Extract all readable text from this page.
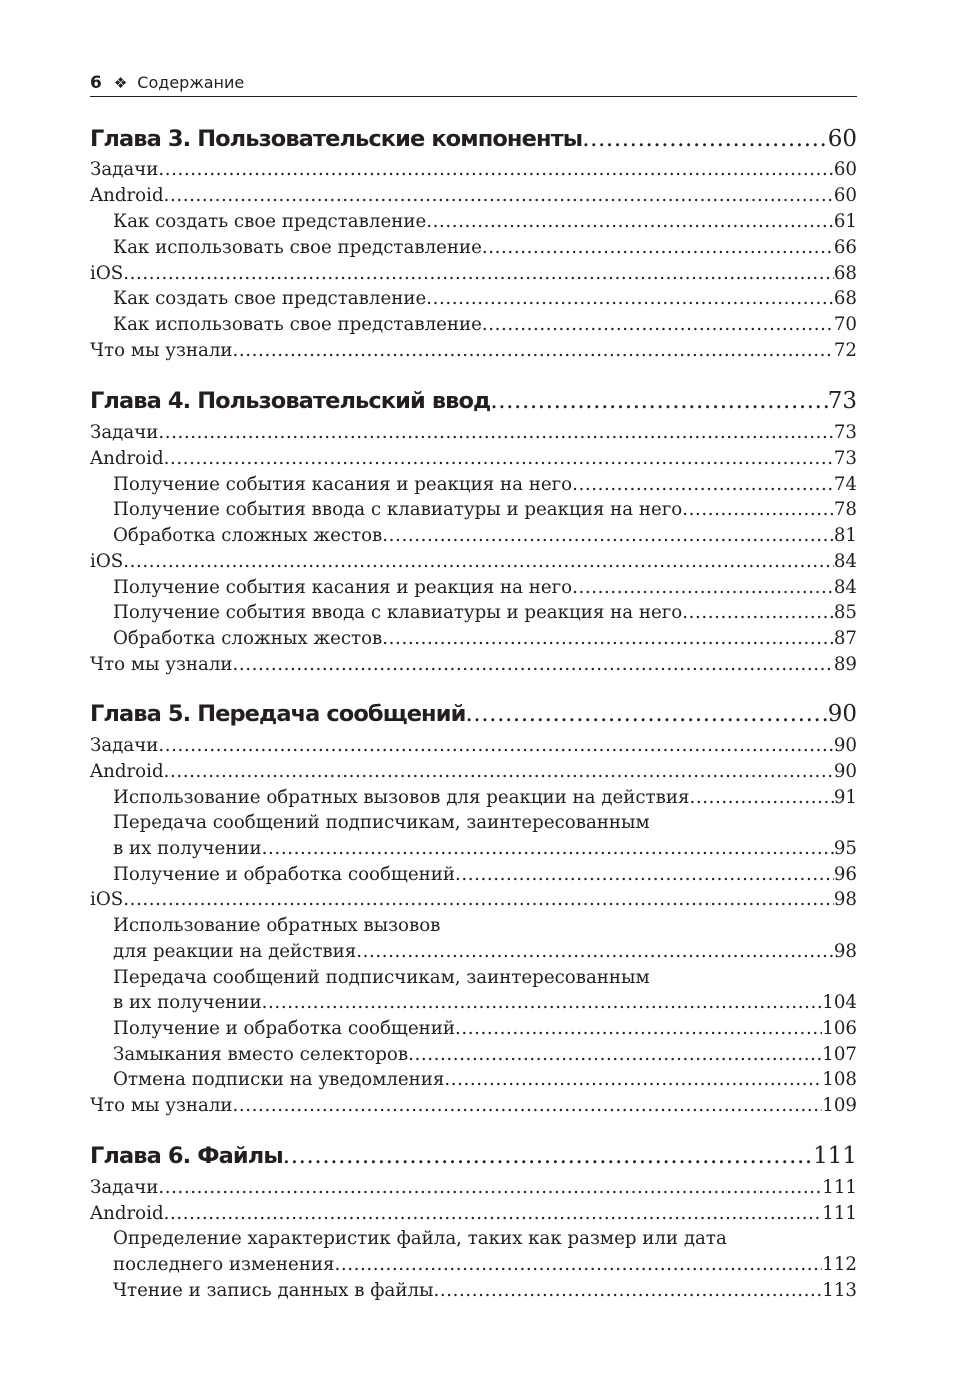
6 ❖ Содержание
Глава 3. Пользовательские компоненты .....	60
Задачи .....	60
Android .....	60
Как создать свое представление .....	61
Как использовать свое представление .....	66
iOS .....	68
Как создать свое представление .....	68
Как использовать свое представление .....	70
Что мы узнали .....	72
Глава 4. Пользовательский ввод .....	73
Задачи .....	73
Android .....	73
Получение события касания и реакция на него .....	74
Получение события ввода с клавиатуры и реакция на него .....	78
Обработка сложных жестов .....	81
iOS .....	84
Получение события касания и реакция на него .....	84
Получение события ввода с клавиатуры и реакция на него .....	85
Обработка сложных жестов .....	87
Что мы узнали .....	89
Глава 5. Передача сообщений .....	90
Задачи .....	90
Android .....	90
Использование обратных вызовов для реакции на действия .....	91
Передача сообщений подписчикам, заинтересованным
в их получении .....	95
Получение и обработка сообщений .....	96
iOS .....	98
Использование обратных вызовов
для реакции на действия .....	98
Передача сообщений подписчикам, заинтересованным
в их получении .....	104
Получение и обработка сообщений .....	106
Замыкания вместо селекторов .....	107
Отмена подписки на уведомления .....	108
Что мы узнали .....	109
Глава 6. Файлы .....	111
Задачи .....	111
Android .....	111
Определение характеристик файла, таких как размер или дата
последнего изменения .....	112
Чтение и запись данных в файлы .....	113
